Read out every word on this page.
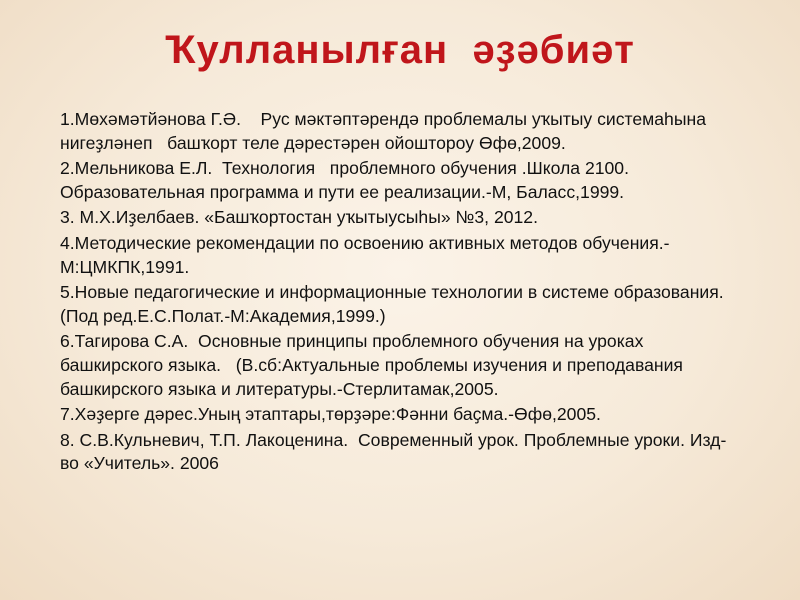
Ҡулланылған  әҙәбиәт
1.Мөхәмәтйәнова Г.Ә.    Рус мәктәптәрендә проблемалы уҡытыу системаһына нигеҙләнеп   башҡорт теле дәрестәрен ойоштороу Өфө,2009.
2.Мельникова Е.Л.  Технология   проблемного обучения .Школа 2100. Образовательная программа и пути ее реализации.-М, Баласс,1999.
3. М.Х.Иҙелбаев. «Башҡортостан уҡытыусыһы» №3, 2012.
4.Методические рекомендации по освоению активных методов обучения.-М:ЦМКПК,1991.
5.Новые педагогические и информационные технологии в системе образования.(Под ред.Е.С.Полат.-М:Академия,1999.)
6.Тагирова С.А.  Основные принципы проблемного обучения на уроках башкирского языка.   (В.сб:Актуальные проблемы изучения и преподавания башкирского языка и литературы.-Стерлитамак,2005.
7.Хәҙерге дәрес.Уның этаптары,төрҙәре:Фәнни баҫма.-Өфө,2005.
8. С.В.Кульневич, Т.П. Лакоценина.  Современный урок. Проблемные уроки. Изд-во «Учитель». 2006
